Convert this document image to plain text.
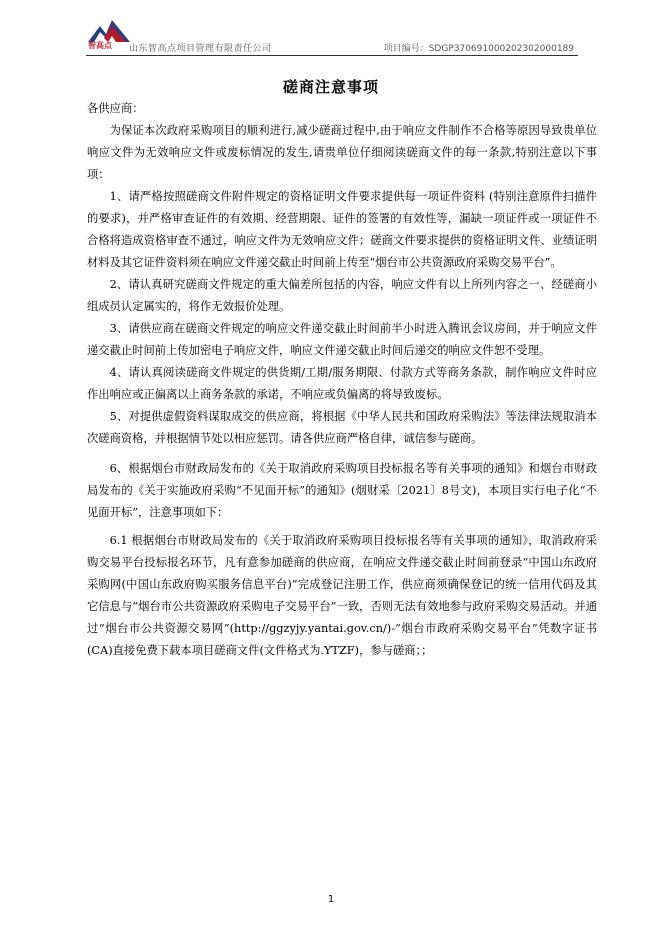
智高点 山东智高点项目管理有限责任公司	项目编号：SDGP370691000202302000189
磋商注意事项

各供应商：

为保证本次政府采购项目的顺利进行,减少磋商过程中,由于响应文件制作不合格等原因导致贵单位响应文件为无效响应文件或废标情况的发生,请贵单位仔细阅读磋商文件的每一条款,特别注意以下事项：

1、请严格按照磋商文件附件规定的资格证明文件要求提供每一项证件资料 (特别注意原件扫描件的要求)，并严格审查证件的有效期、经营期限、证件的签署的有效性等，漏缺一项证件或一项证件不合格将造成资格审查不通过，响应文件为无效响应文件；磋商文件要求提供的资格证明文件、业绩证明材料及其它证件资料须在响应文件递交截止时间前上传至“烟台市公共资源政府采购交易平台”。

2、请认真研究磋商文件规定的重大偏差所包括的内容，响应文件有以上所列内容之一、经磋商小组成员认定属实的，将作无效报价处理。

3、请供应商在磋商文件规定的响应文件递交截止时间前半小时进入腾讯会议房间，并于响应文件递交截止时间前上传加密电子响应文件，响应文件递交截止时间后递交的响应文件恕不受理。

4、请认真阅读磋商文件规定的供货期/工期/服务期限、付款方式等商务条款，制作响应文件时应作出响应或正偏离以上商务条款的承诺，不响应或负偏离的将导致废标。

5、对提供虚假资料谋取成交的供应商，将根据《中华人民共和国政府采购法》等法律法规取消本次磋商资格，并根据情节处以相应惩罚。请各供应商严格自律，诚信参与磋商。

6、根据烟台市财政局发布的《关于取消政府采购项目投标报名等有关事项的通知》和烟台市财政局发布的《关于实施政府采购“不见面开标”的通知》(烟财采〔2021〕8号文)，本项目实行电子化“不见面开标”，注意事项如下：

6.1 根据烟台市财政局发布的《关于取消政府采购项目投标报名等有关事项的通知》，取消政府采购交易平台投标报名环节，凡有意参加磋商的供应商，在响应文件递交截止时间前登录“中国山东政府采购网(中国山东政府购买服务信息平台)”完成登记注册工作，供应商须确保登记的统一信用代码及其它信息与“烟台市公共资源政府采购电子交易平台”一致，否则无法有效地参与政府采购交易活动。并通过“烟台市公共资源交易网”(http://ggzyjy.yantai.gov.cn/)-“烟台市政府采购交易平台”凭数字证书(CA)直接免费下载本项目磋商文件(文件格式为.YTZF)，参与磋商；；

1
